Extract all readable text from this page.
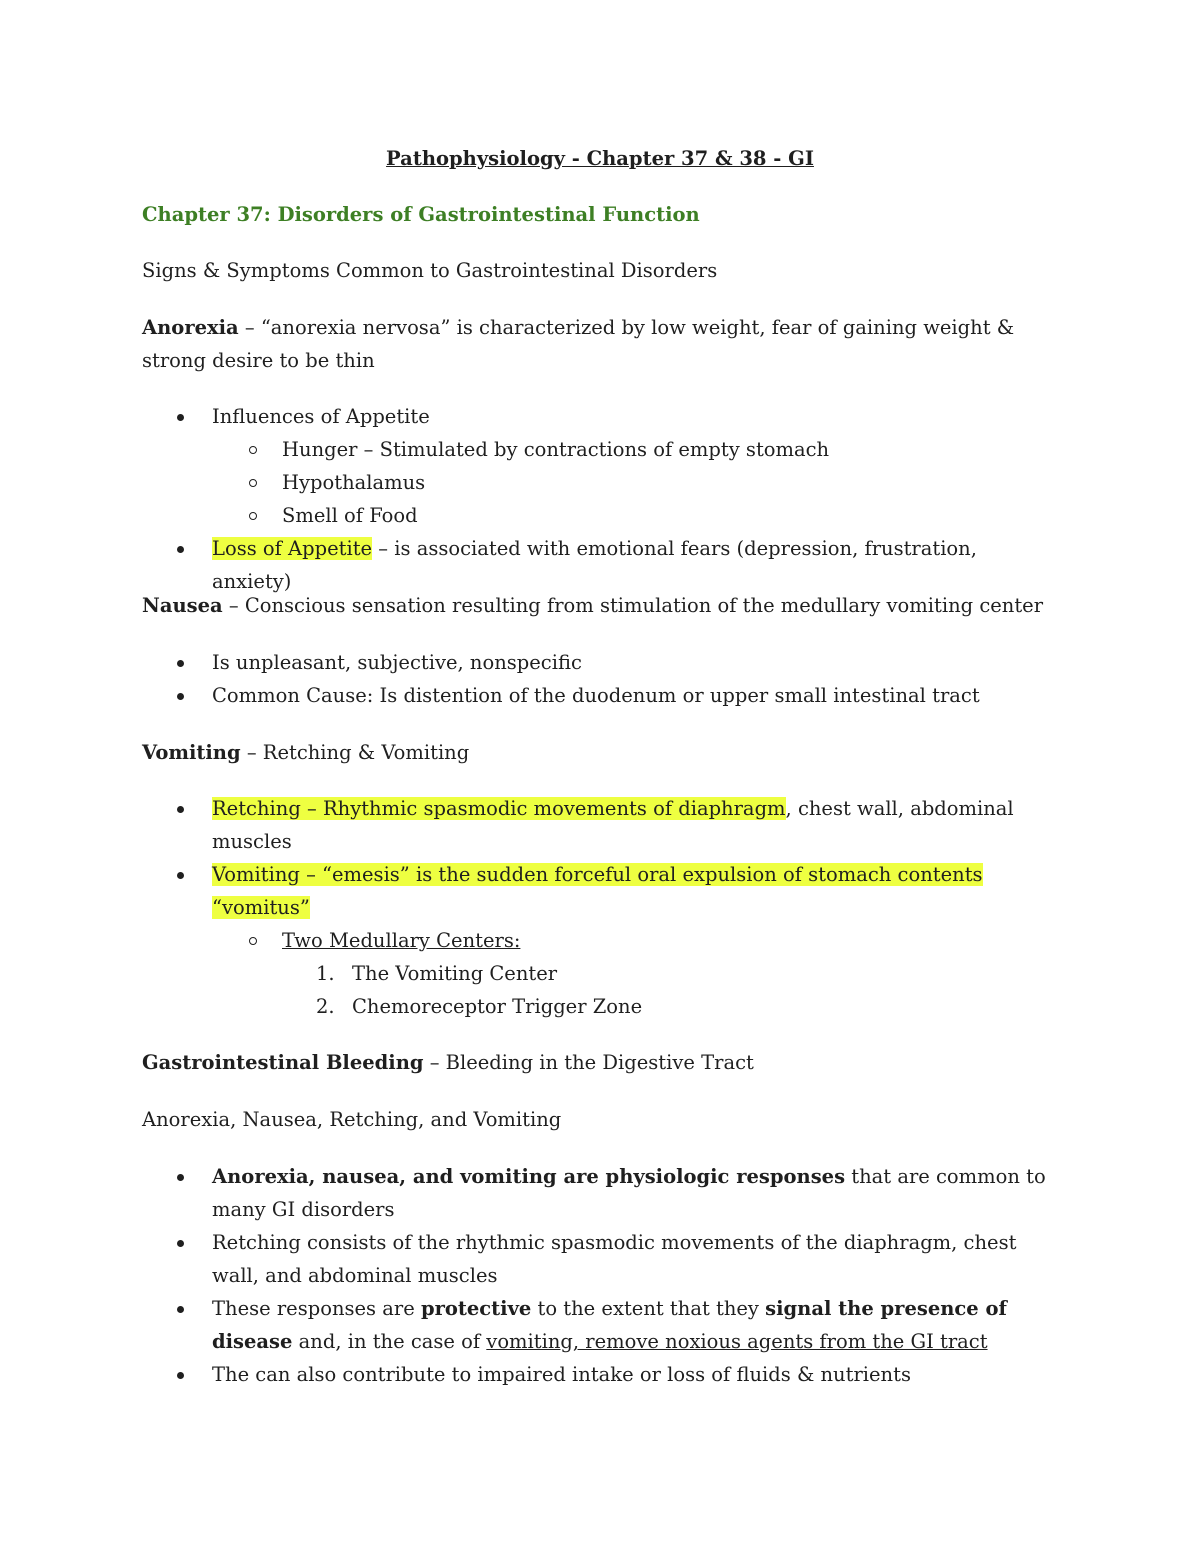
Pathophysiology - Chapter 37 & 38 - GI
Chapter 37: Disorders of Gastrointestinal Function
Signs & Symptoms Common to Gastrointestinal Disorders
Anorexia – “anorexia nervosa” is characterized by low weight, fear of gaining weight & strong desire to be thin
Influences of Appetite
Hunger – Stimulated by contractions of empty stomach
Hypothalamus
Smell of Food
Loss of Appetite – is associated with emotional fears (depression, frustration, anxiety)
Nausea – Conscious sensation resulting from stimulation of the medullary vomiting center
Is unpleasant, subjective, nonspecific
Common Cause: Is distention of the duodenum or upper small intestinal tract
Vomiting – Retching & Vomiting
Retching – Rhythmic spasmodic movements of diaphragm, chest wall, abdominal muscles
Vomiting – “emesis” is the sudden forceful oral expulsion of stomach contents “vomitus”
Two Medullary Centers:
1. The Vomiting Center
2. Chemoreceptor Trigger Zone
Gastrointestinal Bleeding – Bleeding in the Digestive Tract
Anorexia, Nausea, Retching, and Vomiting
Anorexia, nausea, and vomiting are physiologic responses that are common to many GI disorders
Retching consists of the rhythmic spasmodic movements of the diaphragm, chest wall, and abdominal muscles
These responses are protective to the extent that they signal the presence of disease and, in the case of vomiting, remove noxious agents from the GI tract
The can also contribute to impaired intake or loss of fluids & nutrients
